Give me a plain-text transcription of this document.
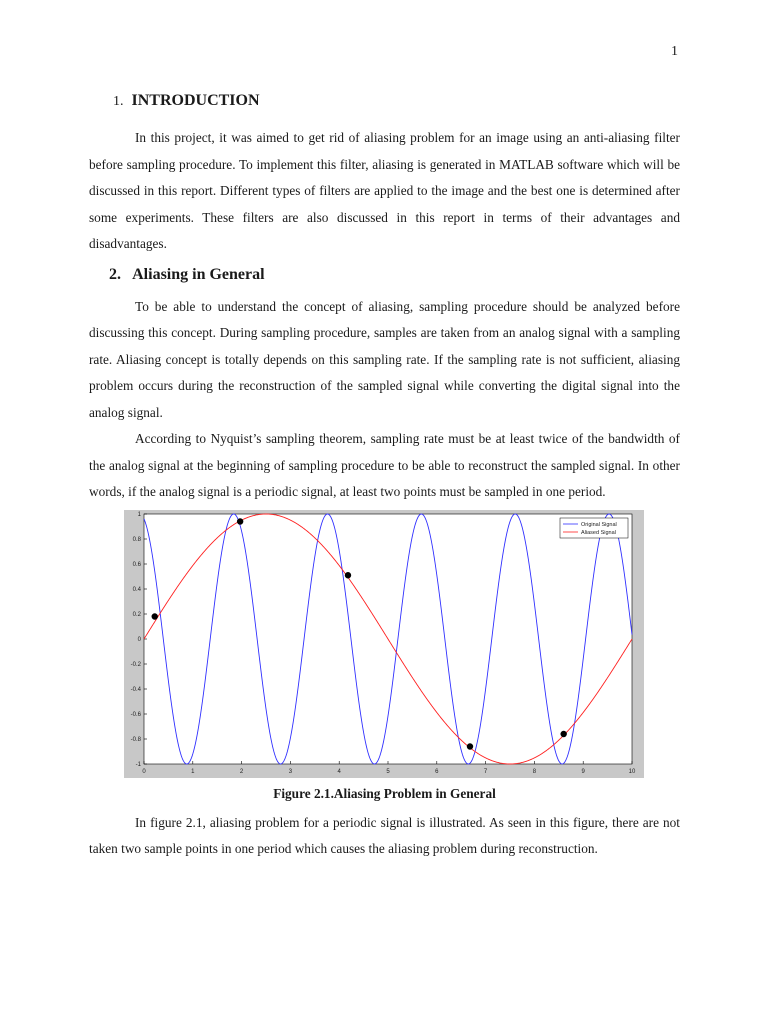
1
1. INTRODUCTION

In this project, it was aimed to get rid of aliasing problem for an image using an anti-aliasing filter before sampling procedure. To implement this filter, aliasing is generated in MATLAB software which will be discussed in this report. Different types of filters are applied to the image and the best one is determined after some experiments. These filters are also discussed in this report in terms of their advantages and disadvantages.

2. Aliasing in General

To be able to understand the concept of aliasing, sampling procedure should be analyzed before discussing this concept. During sampling procedure, samples are taken from an analog signal with a sampling rate. Aliasing concept is totally depends on this sampling rate. If the sampling rate is not sufficient, aliasing problem occurs during the reconstruction of the sampled signal while converting the digital signal into the analog signal.

According to Nyquist’s sampling theorem, sampling rate must be at least twice of the bandwidth of the analog signal at the beginning of sampling procedure to be able to reconstruct the sampled signal. In other words, if the analog signal is a periodic signal, at least two points must be sampled in one period.

0	1	2	3	4	5	6	7	8	9	10
1
0.8
0.6
0.4
0.2
0
-0.2
-0.4
-0.6
-0.8
-1
Original Signal
Aliased Signal
Figure 2.1.Aliasing Problem in General

In figure 2.1, aliasing problem for a periodic signal is illustrated. As seen in this figure, there are not taken two sample points in one period which causes the aliasing problem during reconstruction.
